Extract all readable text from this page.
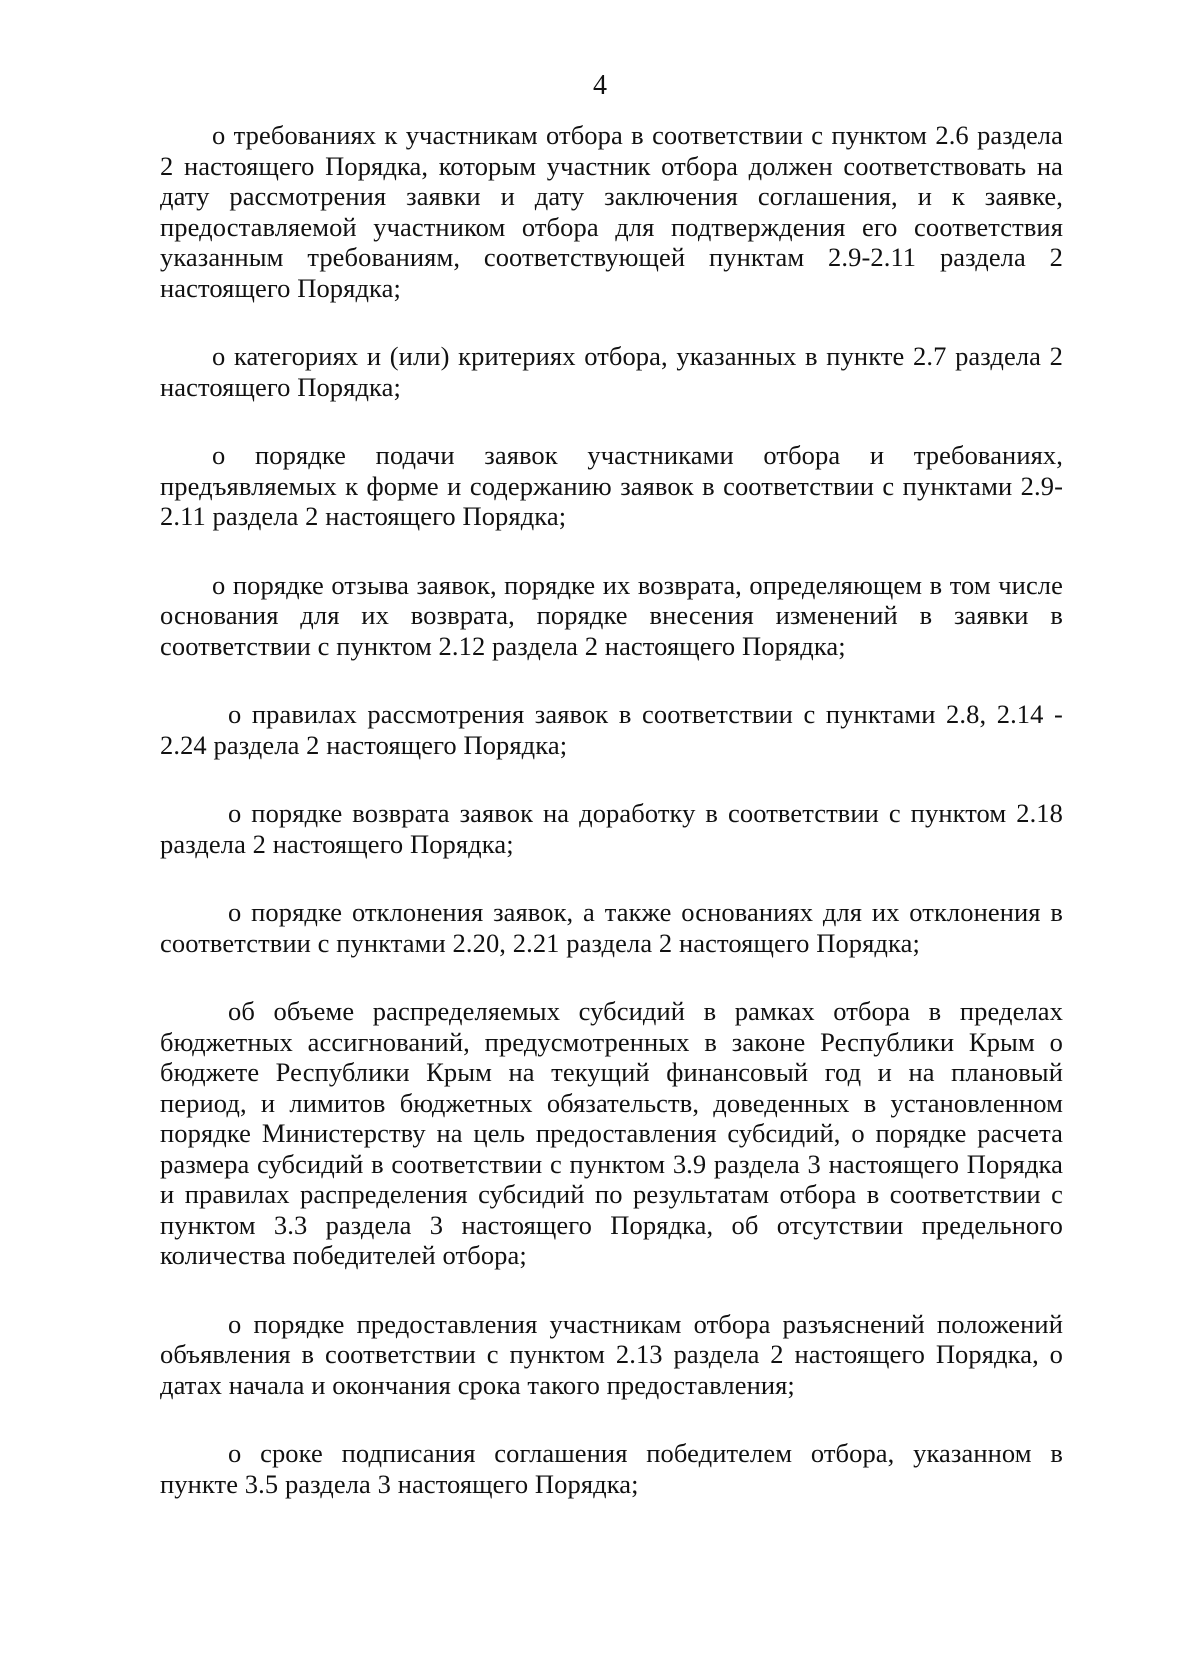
4

о требованиях к участникам отбора в соответствии с пунктом 2.6 раздела 2 настоящего Порядка, которым участник отбора должен соответствовать на дату рассмотрения заявки и дату заключения соглашения, и к заявке, предоставляемой участником отбора для подтверждения его соответствия указанным требованиям, соответствующей пунктам 2.9-2.11 раздела 2 настоящего Порядка;

о категориях и (или) критериях отбора, указанных в пункте 2.7 раздела 2 настоящего Порядка;

о порядке подачи заявок участниками отбора и требованиях, предъявляемых к форме и содержанию заявок в соответствии с пунктами 2.9-2.11 раздела 2 настоящего Порядка;

о порядке отзыва заявок, порядке их возврата, определяющем в том числе основания для их возврата, порядке внесения изменений в заявки в соответствии с пунктом 2.12 раздела 2 настоящего Порядка;

о правилах рассмотрения заявок в соответствии с пунктами 2.8, 2.14 - 2.24 раздела 2 настоящего Порядка;

о порядке возврата заявок на доработку в соответствии с пунктом 2.18 раздела 2 настоящего Порядка;

о порядке отклонения заявок, а также основаниях для их отклонения в соответствии с пунктами 2.20, 2.21 раздела 2 настоящего Порядка;

об объеме распределяемых субсидий в рамках отбора в пределах бюджетных ассигнований, предусмотренных в законе Республики Крым о бюджете Республики Крым на текущий финансовый год и на плановый период, и лимитов бюджетных обязательств, доведенных в установленном порядке Министерству на цель предоставления субсидий, о порядке расчета размера субсидий в соответствии с пунктом 3.9 раздела 3 настоящего Порядка и правилах распределения субсидий по результатам отбора в соответствии с пунктом 3.3 раздела 3 настоящего Порядка, об отсутствии предельного количества победителей отбора;

о порядке предоставления участникам отбора разъяснений положений объявления в соответствии с пунктом 2.13 раздела 2 настоящего Порядка, о датах начала и окончания срока такого предоставления;

о сроке подписания соглашения победителем отбора, указанном в пункте 3.5 раздела 3 настоящего Порядка;
